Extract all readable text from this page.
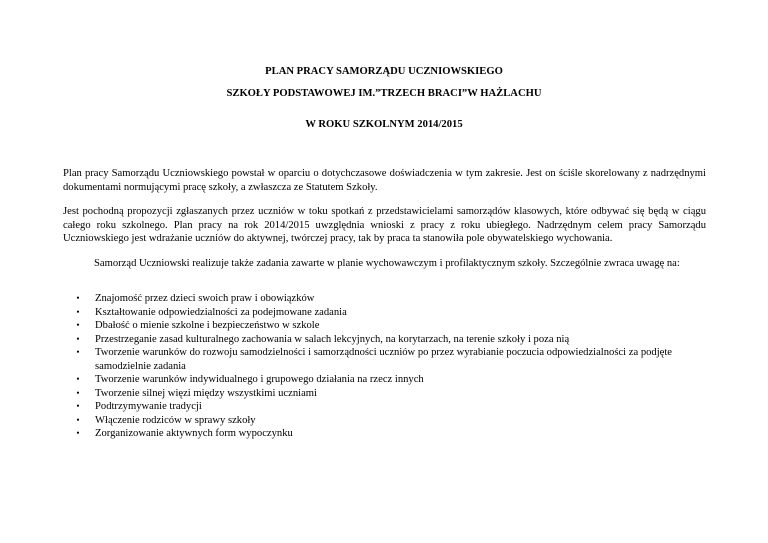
PLAN PRACY SAMORZĄDU UCZNIOWSKIEGO
SZKOŁY PODSTAWOWEJ IM.”TRZECH BRACI”W HAŻLACHU
W ROKU SZKOLNYM 2014/2015

Plan pracy Samorządu Uczniowskiego powstał w oparciu o dotychczasowe doświadczenia w tym zakresie. Jest on ściśle skorelowany z nadrzędnymi dokumentami normującymi pracę szkoły, a zwłaszcza ze Statutem Szkoły.

Jest pochodną propozycji zgłaszanych przez uczniów w toku spotkań z przedstawicielami samorządów klasowych, które odbywać się będą w ciągu całego roku szkolnego. Plan pracy na rok 2014/2015 uwzględnia wnioski z pracy z roku ubiegłego. Nadrzędnym celem pracy Samorządu Uczniowskiego jest wdrażanie uczniów do aktywnej, twórczej pracy, tak by praca ta stanowiła pole obywatelskiego wychowania.

Samorząd Uczniowski realizuje także zadania zawarte w planie wychowawczym i profilaktycznym szkoły. Szczególnie zwraca uwagę na:

•	Znajomość przez dzieci swoich praw i obowiązków
•	Kształtowanie odpowiedzialności za podejmowane zadania
•	Dbałość o mienie szkolne i bezpieczeństwo w szkole
•	Przestrzeganie zasad kulturalnego zachowania w salach lekcyjnych, na korytarzach, na terenie szkoły i poza nią
•	Tworzenie warunków do rozwoju samodzielności i samorządności uczniów po przez wyrabianie poczucia odpowiedzialności za podjęte samodzielnie zadania
•	Tworzenie warunków indywidualnego i grupowego działania na rzecz innych
•	Tworzenie silnej więzi między wszystkimi uczniami
•	Podtrzymywanie tradycji
•	Włączenie rodziców w sprawy szkoły
•	Zorganizowanie aktywnych form wypoczynku
